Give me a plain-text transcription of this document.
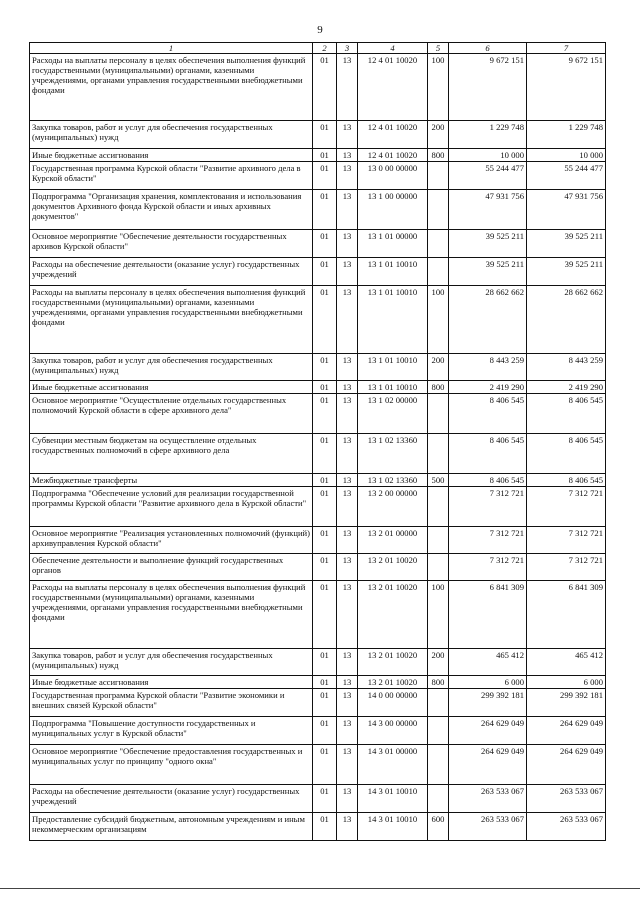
9
1	2	3	4	5	6	7
Расходы на выплаты персоналу в целях обеспечения выполнения функций государственными (муниципальными) органами, казенными учреждениями, органами управления государственными внебюджетными фондами	01	13	12 4 01 10020	100	9 672 151	9 672 151
Закупка товаров, работ и услуг для обеспечения государственных (муниципальных) нужд	01	13	12 4 01 10020	200	1 229 748	1 229 748
Иные бюджетные ассигнования	01	13	12 4 01 10020	800	10 000	10 000
Государственная программа Курской области "Развитие архивного дела в Курской области"	01	13	13 0 00 00000		55 244 477	55 244 477
Подпрограмма "Организация хранения, комплектования и использования документов Архивного фонда Курской области и иных архивных документов"	01	13	13 1 00 00000		47 931 756	47 931 756
Основное мероприятие "Обеспечение деятельности государственных архивов Курской области"	01	13	13 1 01 00000		39 525 211	39 525 211
Расходы на обеспечение деятельности (оказание услуг) государственных учреждений	01	13	13 1 01 10010		39 525 211	39 525 211
Расходы на выплаты персоналу в целях обеспечения выполнения функций государственными (муниципальными) органами, казенными учреждениями, органами управления государственными внебюджетными фондами	01	13	13 1 01 10010	100	28 662 662	28 662 662
Закупка товаров, работ и услуг для обеспечения государственных (муниципальных) нужд	01	13	13 1 01 10010	200	8 443 259	8 443 259
Иные бюджетные ассигнования	01	13	13 1 01 10010	800	2 419 290	2 419 290
Основное мероприятие "Осуществление отдельных государственных полномочий Курской области в сфере архивного дела"	01	13	13 1 02 00000		8 406 545	8 406 545
Субвенции местным бюджетам на осуществление отдельных государственных полномочий в сфере архивного дела	01	13	13 1 02 13360		8 406 545	8 406 545
Межбюджетные трансферты	01	13	13 1 02 13360	500	8 406 545	8 406 545
Подпрограмма "Обеспечение условий для реализации государственной программы Курской области "Развитие архивного дела в Курской области"	01	13	13 2 00 00000		7 312 721	7 312 721
Основное мероприятие "Реализация установленных полномочий (функций) архивуправления Курской области"	01	13	13 2 01 00000		7 312 721	7 312 721
Обеспечение деятельности и выполнение функций государственных органов	01	13	13 2 01 10020		7 312 721	7 312 721
Расходы на выплаты персоналу в целях обеспечения выполнения функций государственными (муниципальными) органами, казенными учреждениями, органами управления государственными внебюджетными фондами	01	13	13 2 01 10020	100	6 841 309	6 841 309
Закупка товаров, работ и услуг для обеспечения государственных (муниципальных) нужд	01	13	13 2 01 10020	200	465 412	465 412
Иные бюджетные ассигнования	01	13	13 2 01 10020	800	6 000	6 000
Государственная программа Курской области "Развитие экономики и внешних связей Курской области"	01	13	14 0 00 00000		299 392 181	299 392 181
Подпрограмма "Повышение доступности государственных и муниципальных услуг в Курской области"	01	13	14 3 00 00000		264 629 049	264 629 049
Основное мероприятие "Обеспечение предоставления государственных и муниципальных услуг по принципу "одного окна"	01	13	14 3 01 00000		264 629 049	264 629 049
Расходы на обеспечение деятельности (оказание услуг) государственных учреждений	01	13	14 3 01 10010		263 533 067	263 533 067
Предоставление субсидий бюджетным, автономным учреждениям и иным некоммерческим организациям	01	13	14 3 01 10010	600	263 533 067	263 533 067
